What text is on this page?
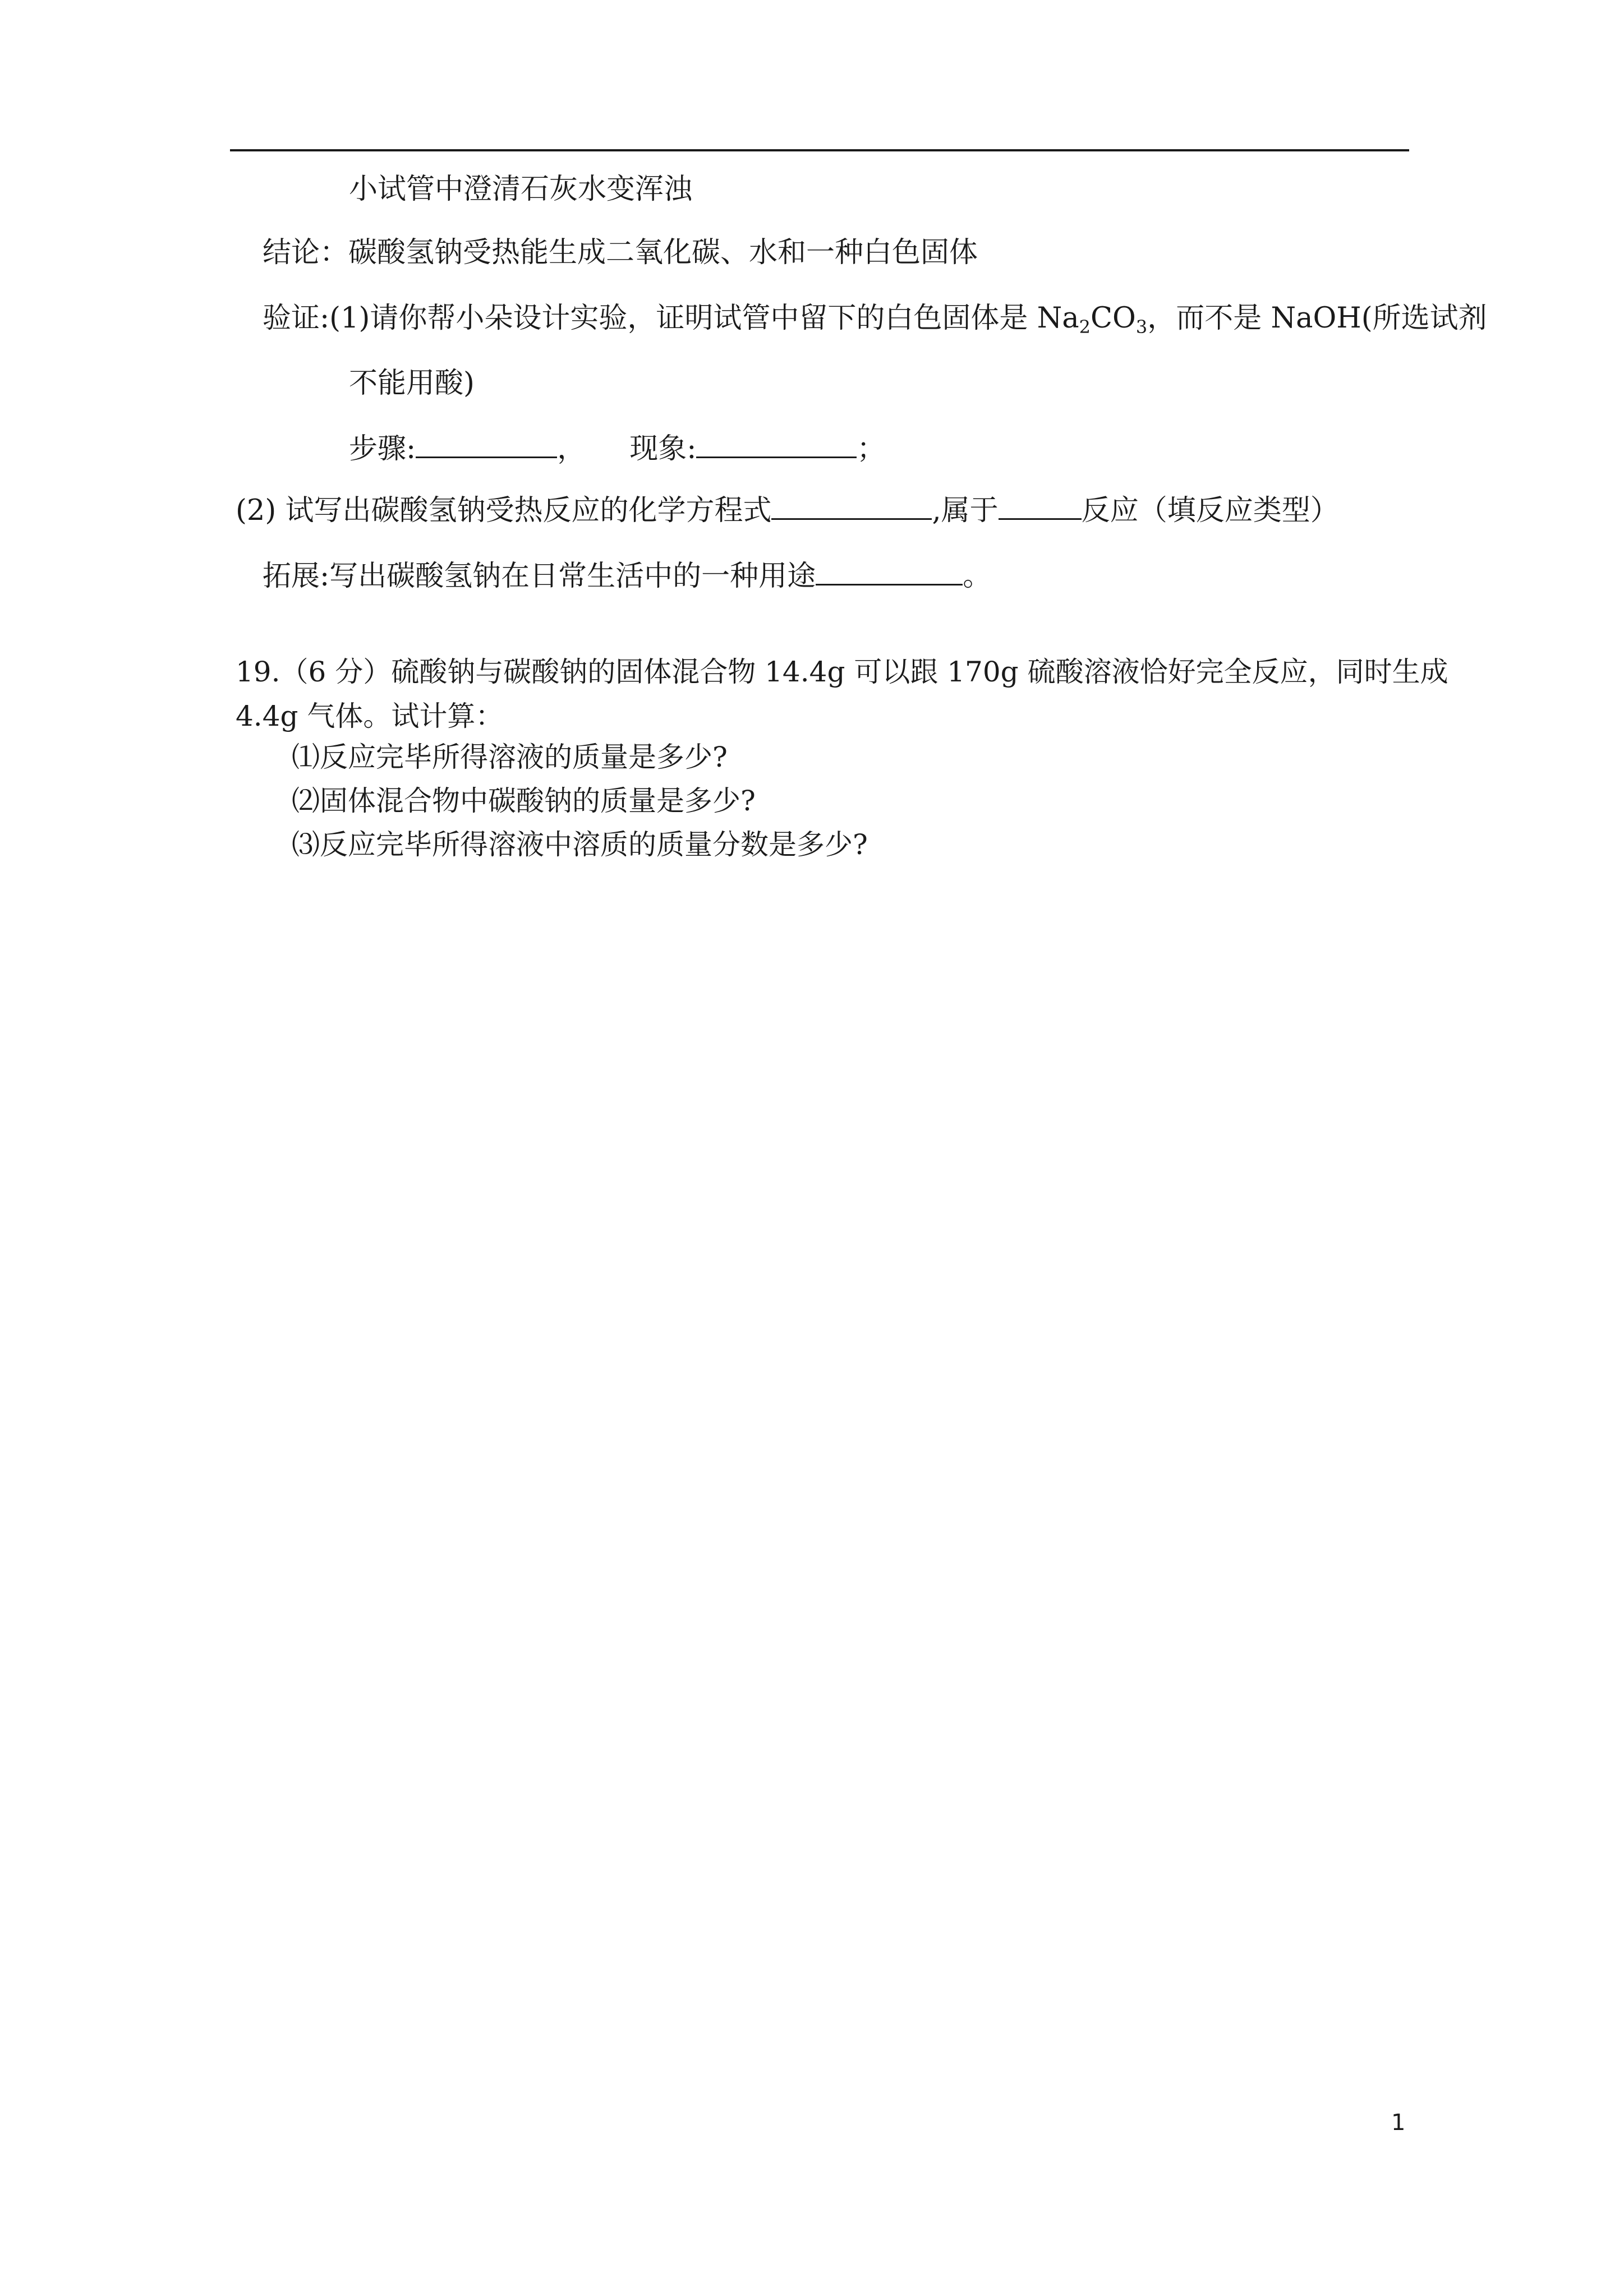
小试管中澄清石灰水变浑浊
结论：碳酸氢钠受热能生成二氧化碳、水和一种白色固体
验证:(1)请你帮小朵设计实验，证明试管中留下的白色固体是 $Na_2CO_3$，而不是 NaOH(所选试剂
不能用酸)
步骤:	， 现象:	；
(2) 试写出碳酸氢钠受热反应的化学方程式	,属于	反应（填反应类型）
拓展:写出碳酸氢钠在日常生活中的一种用途	。
19.（6 分）硫酸钠与碳酸钠的固体混合物 14.4g 可以跟 170g 硫酸溶液恰好完全反应，同时生成
4.4g 气体。试计算：
⑴反应完毕所得溶液的质量是多少?
⑵固体混合物中碳酸钠的质量是多少?
⑶反应完毕所得溶液中溶质的质量分数是多少?
1
